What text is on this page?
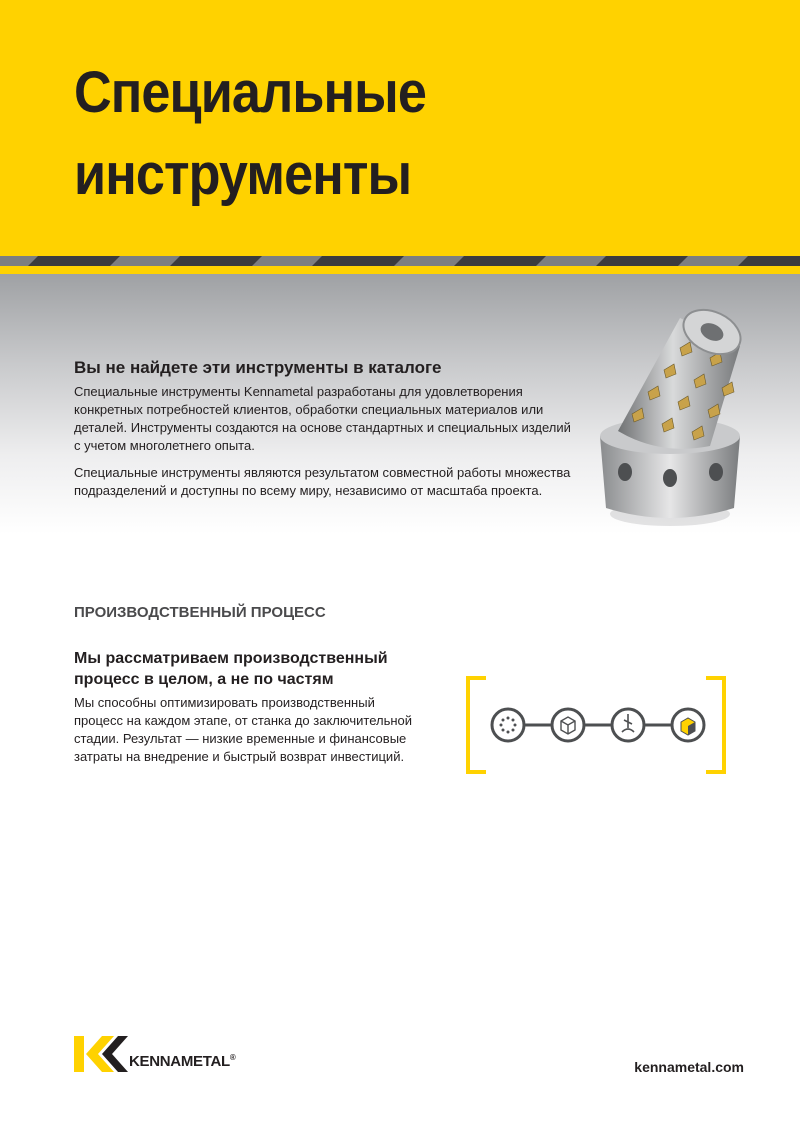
Специальные
инструменты
Вы не найдете эти инструменты в каталоге

Специальные инструменты Kennametal разработаны для удовлетворения конкретных потребностей клиентов, обработки специальных материалов или деталей. Инструменты создаются на основе стандартных и специальных изделий с учетом многолетнего опыта.

Специальные инструменты являются результатом совместной работы множества подразделений и доступны по всему миру, независимо от масштаба проекта.

ПРОИЗВОДСТВЕННЫЙ ПРОЦЕСС
Мы рассматриваем производственный
процесс в целом, а не по частям

Мы способны оптимизировать производственный процесс на каждом этапе, от станка до заключительной стадии. Результат — низкие временные и финансовые затраты на внедрение и быстрый возврат инвестиций.

KENNAMETAL®
kennametal.com
